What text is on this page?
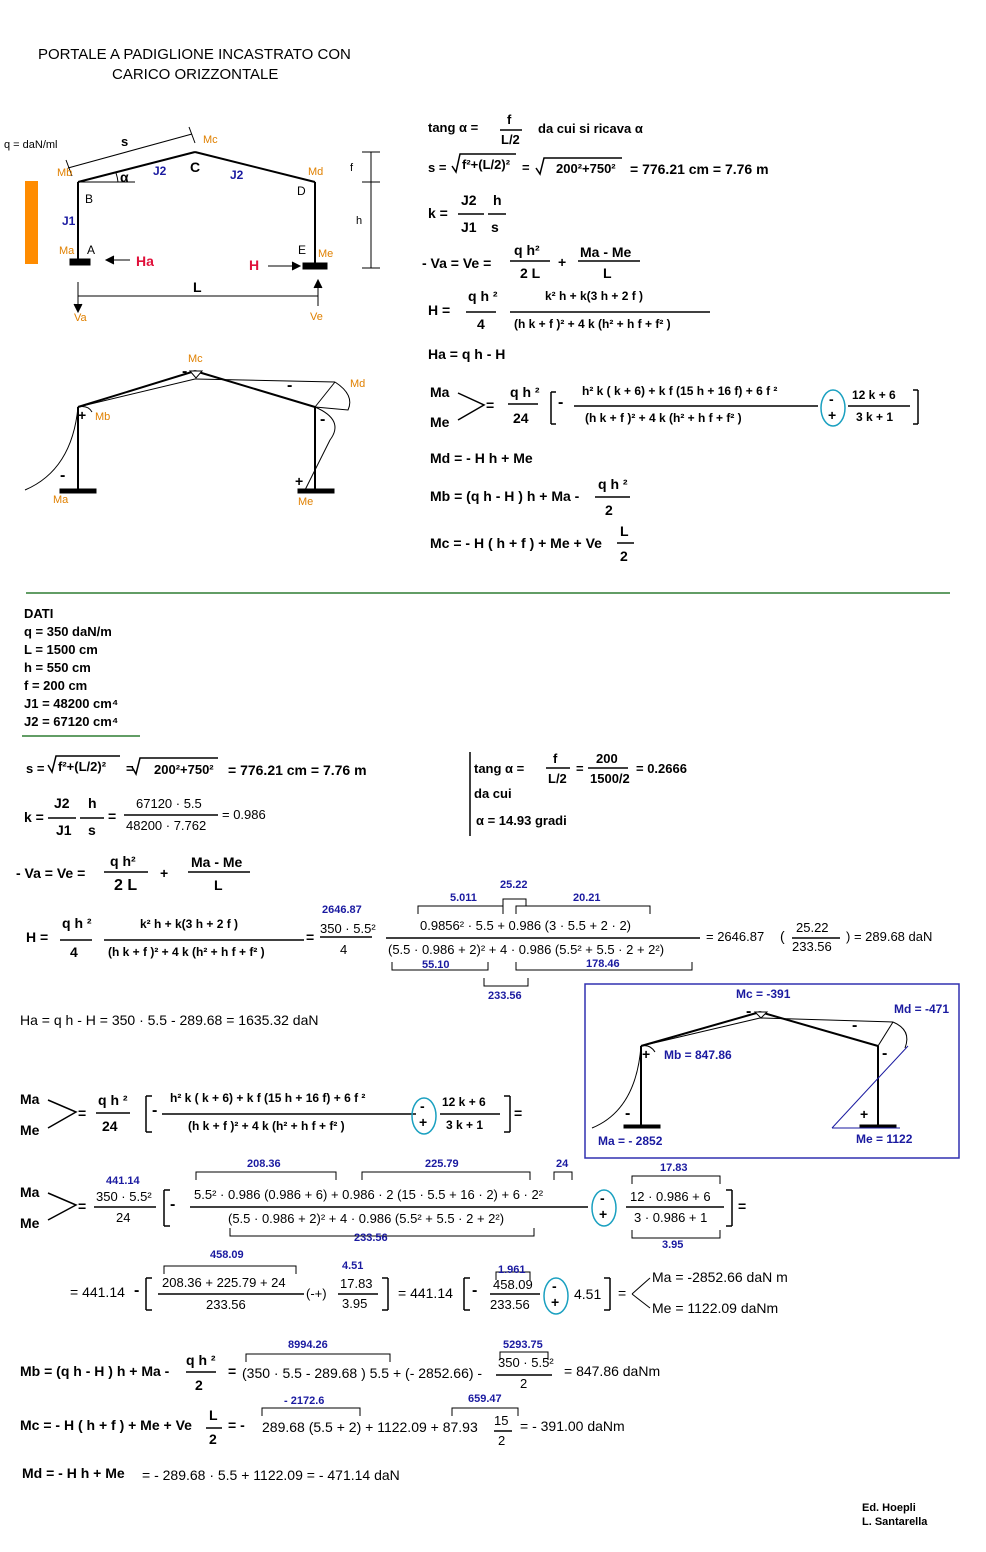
PORTALE A PADIGLIONE INCASTRATO CON
CARICO ORIZZONTALE
q = daN/ml	s	Mc
C
Mb	α J2	J2	Md
D
f
B
J1	h
Ma A
Ha	H
E Me
L
Va	Ve
Mc
Md
Mb
Ma	Me
-
-
-
+
-	+
tang α =
f
L/2
da cui si ricava α
s = f²+(L/2)² = 200²+750² = 776.21 cm = 7.76 m
k =
J2
J1
h
s
- Va = Ve =
q h²
2 L
+
Ma - Me
L
H =
q h ²
4
k² h + k(3 h + 2 f )
(h k + f )² + 4 k (h² + h f + f² )
Ha = q h - H
Ma
Me
=
q h ²
24
-
h² k ( k + 6) + k f (15 h + 16 f) + 6 f ²
(h k + f )² + 4 k (h² + h f + f² )
-
+
12 k + 6
3 k + 1
Md = - H h + Me
Mb = (q h - H ) h + Ma -
q h ²
2
Mc = - H ( h + f ) + Me + Ve
L
2
DATI
q = 350 daN/m
L = 1500 cm
h = 550 cm
f = 200 cm
J1 = 48200 cm⁴
J2 = 67120 cm⁴
s = f²+(L/2)² = 200²+750² = 776.21 cm = 7.76 m	tang α =
f
L/2
=
200
1500/2
= 0.2666
da cui
α = 14.93 gradi
k =
J2
J1
h
s
=
67120 · 5.5
48200 · 7.762
= 0.986
- Va = Ve =
q h²
2 L
+
Ma - Me
L
H =
q h ²
4
k² h + k(3 h + 2 f )
(h k + f )² + 4 k (h² + h f + f² )
=
2646.87
350 · 5.5²
4
5.011
25.22
20.21
0.9856² · 5.5 + 0.986 (3 · 5.5 + 2 · 2)
(5.5 · 0.986 + 2)² + 4 · 0.986 (5.5² + 5.5 · 2 + 2²)
55.10	178.46
233.56
= 2646.87 (
25.22
233.56
) = 289.68 daN
Ha = q h - H = 350 · 5.5 - 289.68 = 1635.32 daN
Mc = -391
Md = -471
Mb = 847.86
Ma = - 2852	Me = 1122
-
-
-
+
-	+
Ma
Me
=
q h ²
24
-
h² k ( k + 6) + k f (15 h + 16 f) + 6 f ²
(h k + f )² + 4 k (h² + h f + f² )
-
+
12 k + 6
3 k + 1
=
Ma
Me
=
441.14
350 · 5.5²
24
-
208.36	225.79	24	17.83
5.5² · 0.986 (0.986 + 6) + 0.986 · 2 (15 · 5.5 + 16 · 2) + 6 · 2²
(5.5 · 0.986 + 2)² + 4 · 0.986 (5.5² + 5.5 · 2 + 2²)
233.56
-
+
12 · 0.986 + 6
3 · 0.986 + 1
3.95
=
= 441.14 -
458.09
208.36 + 225.79 + 24
233.56
(-+)
4.51
17.83
3.95
= 441.14 -
1.961
458.09
233.56
-
+ 4.51 =
Ma = -2852.66 daN m
Me = 1122.09 daNm
Mb = (q h - H ) h + Ma -
q h ²
2
=
8994.26
(350 · 5.5 - 289.68 ) 5.5 + (- 2852.66) -
5293.75
350 · 5.5²
2
= 847.86 daNm
Mc = - H ( h + f ) + Me + Ve
L
2
= -
- 2172.6
289.68 (5.5 + 2) + 1122.09 + 87.93
659.47
15
2
= - 391.00 daNm
Md = - H h + Me = - 289.68 · 5.5 + 1122.09 = - 471.14 daN
Ed. Hoepli
L. Santarella
